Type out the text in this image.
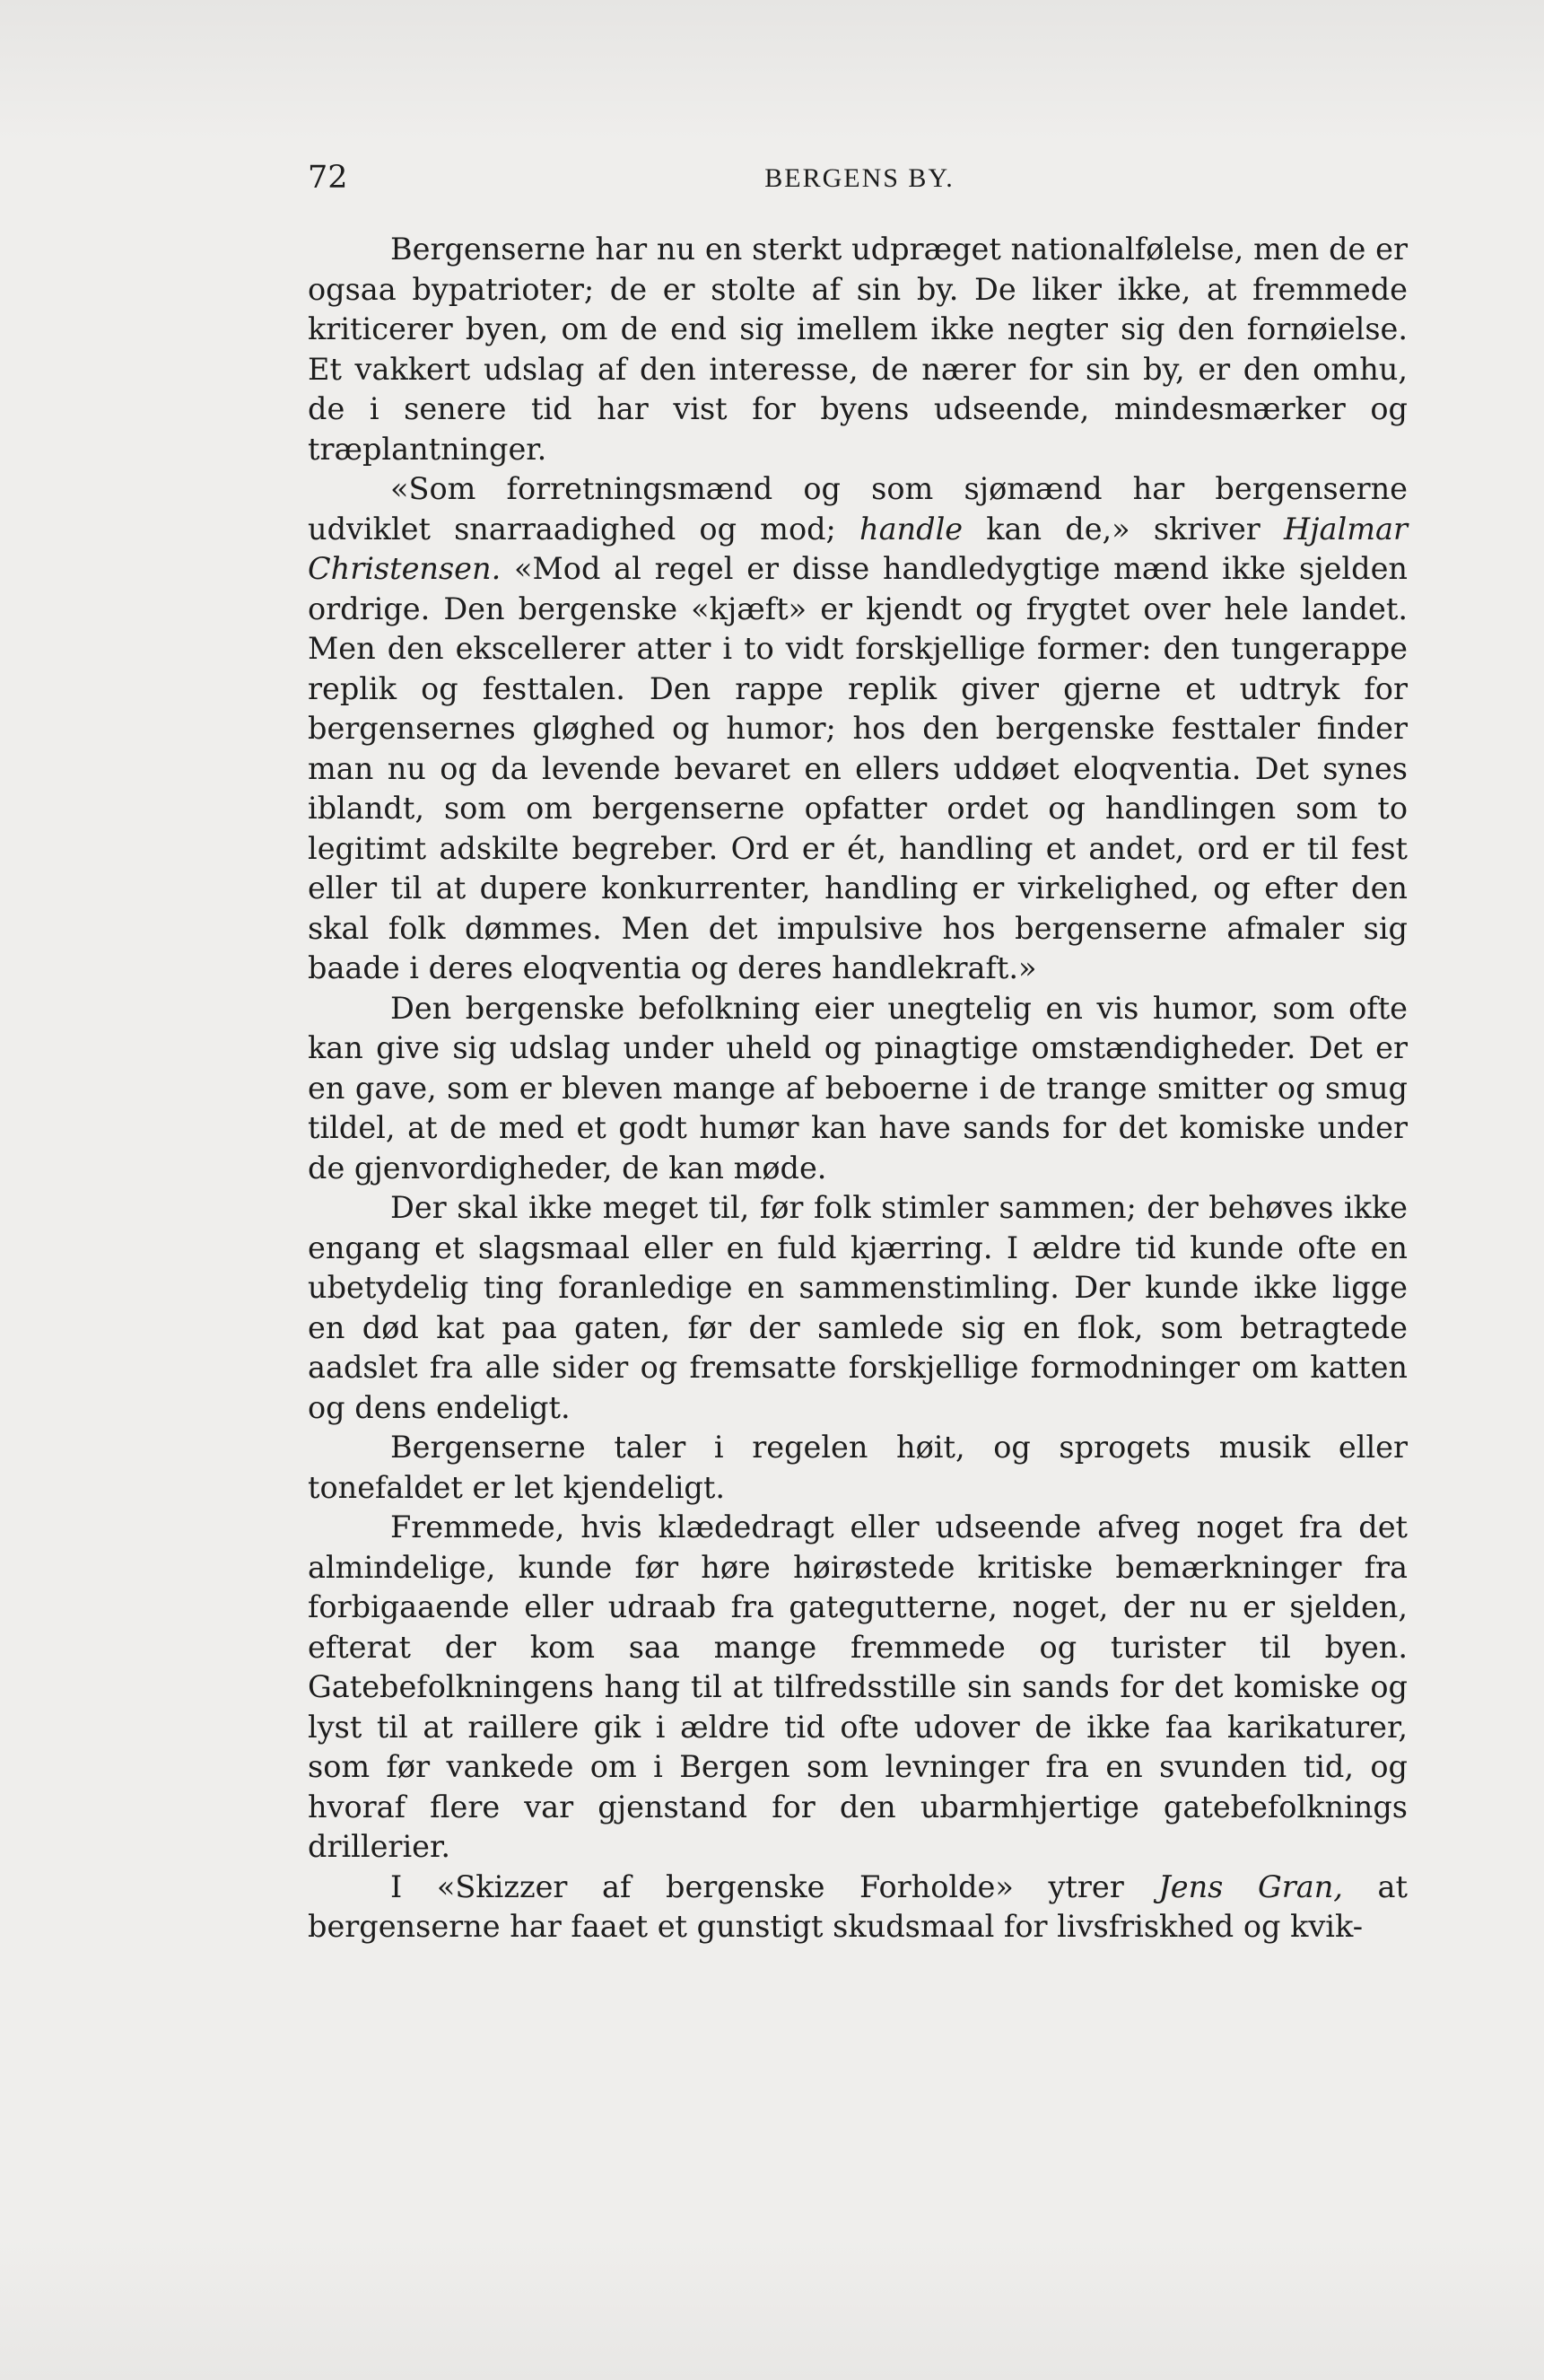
72	BERGENS BY.

Bergenserne har nu en sterkt udpræget nationalfølelse, men de er ogsaa bypatrioter; de er stolte af sin by. De liker ikke, at fremmede kriticerer byen, om de end sig imellem ikke negter sig den fornøielse. Et vakkert udslag af den interesse, de nærer for sin by, er den omhu, de i senere tid har vist for byens udseende, mindesmærker og træplantninger.

«Som forretningsmænd og som sjømænd har bergenserne udviklet snarraadighed og mod; handle kan de,» skriver Hjalmar Christensen. «Mod al regel er disse handledygtige mænd ikke sjelden ordrige. Den bergenske «kjæft» er kjendt og frygtet over hele landet. Men den ekscellerer atter i to vidt forskjellige former: den tungerappe replik og festtalen. Den rappe replik giver gjerne et udtryk for bergensernes gløghed og humor; hos den bergenske festtaler finder man nu og da levende bevaret en ellers uddøet eloqventia. Det synes iblandt, som om bergenserne opfatter ordet og handlingen som to legitimt adskilte begreber. Ord er ét, handling et andet, ord er til fest eller til at dupere konkurrenter, handling er virkelighed, og efter den skal folk dømmes. Men det impulsive hos bergenserne afmaler sig baade i deres eloqventia og deres handlekraft.»

Den bergenske befolkning eier unegtelig en vis humor, som ofte kan give sig udslag under uheld og pinagtige omstændigheder. Det er en gave, som er bleven mange af beboerne i de trange smitter og smug tildel, at de med et godt humør kan have sands for det komiske under de gjenvordigheder, de kan møde.

Der skal ikke meget til, før folk stimler sammen; der behøves ikke engang et slagsmaal eller en fuld kjærring. I ældre tid kunde ofte en ubetydelig ting foranledige en sammenstimling. Der kunde ikke ligge en død kat paa gaten, før der samlede sig en flok, som betragtede aadslet fra alle sider og fremsatte forskjellige formodninger om katten og dens endeligt.

Bergenserne taler i regelen høit, og sprogets musik eller tonefaldet er let kjendeligt.

Fremmede, hvis klædedragt eller udseende afveg noget fra det almindelige, kunde før høre høirøstede kritiske bemærkninger fra forbigaaende eller udraab fra gategutterne, noget, der nu er sjelden, efterat der kom saa mange fremmede og turister til byen. Gatebefolkningens hang til at tilfredsstille sin sands for det komiske og lyst til at raillere gik i ældre tid ofte udover de ikke faa karikaturer, som før vankede om i Bergen som levninger fra en svunden tid, og hvoraf flere var gjenstand for den ubarmhjertige gatebefolknings drillerier.

I «Skizzer af bergenske Forholde» ytrer Jens Gran, at bergenserne har faaet et gunstigt skudsmaal for livsfriskhed og kvik-
